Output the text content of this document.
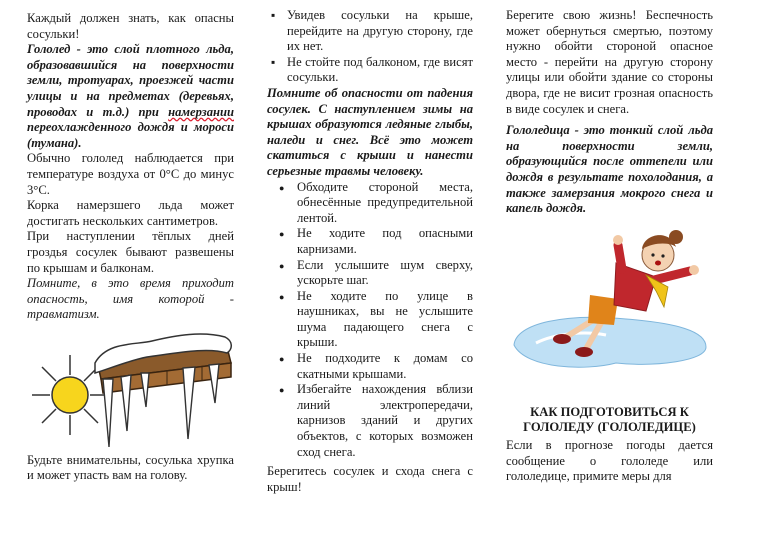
Каждый должен знать, как опасны сосульки!

Гололед - это слой плотного льда, образовавшийся на поверхности земли, тротуарах, проезжей части улицы и на предметах (деревьях, проводах и т.д.) при намерзании переохлажденного дождя и мороси (тумана).

Обычно гололед наблюдается при температуре воздуха от 0°С до минус 3°С.

Корка намерзшего льда может достигать нескольких сантиметров.

При наступлении тёплых дней гроздья сосулек бывают развешены по крышам и балконам.

Помните, в это время приходит опасность, имя которой - травматизм.

Будьте внимательны, сосулька хрупка и может упасть вам на голову.

▪ Увидев сосульки на крыше, перейдите на другую сторону, где их нет.
▪ Не стойте под балконом, где висят сосульки.

Помните об опасности от падения сосулек. С наступлением зимы на крышах образуются ледяные глыбы, наледи и снег. Всё это может скатиться с крыши и нанести серьезные травмы человеку.

● Обходите стороной места, обнесённые предупредительной лентой.
● Не ходите под опасными карнизами.
● Если услышите шум сверху, ускорьте шаг.
● Не ходите по улице в наушниках, вы не услышите шума падающего снега с крыши.
● Не подходите к домам со скатными крышами.
● Избегайте нахождения вблизи линий электропередачи, карнизов зданий и других объектов, с которых возможен сход снега.

Берегитесь сосулек и схода снега с крыш!

Берегите свою жизнь! Беспечность может обернуться смертью, поэтому нужно обойти стороной опасное место - перейти на другую сторону улицы или обойти здание со стороны двора, где не висит грозная опасность в виде сосулек и снега.

Гололедица - это тонкий слой льда на поверхности земли, образующийся после оттепели или дождя в результате похолодания, а также замерзания мокрого снега и капель дождя.

КАК ПОДГОТОВИТЬСЯ К ГОЛОЛЕДУ (ГОЛОЛЕДИЦЕ)

Если в прогнозе погоды дается сообщение о гололеде или гололедице, примите меры для
